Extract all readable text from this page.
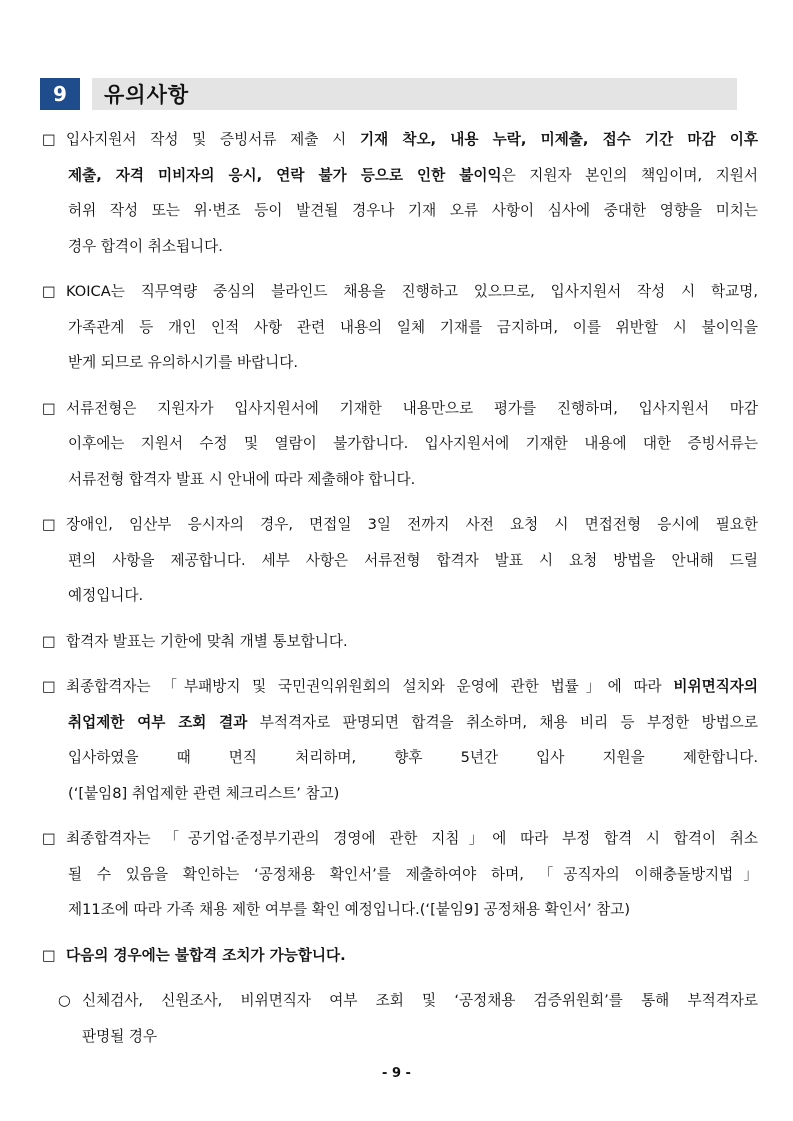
9	유의사항
□ 입사지원서 작성 및 증빙서류 제출 시 기재 착오, 내용 누락, 미제출, 접수 기간 마감 이후
제출, 자격 미비자의 응시, 연락 불가 등으로 인한 불이익은 지원자 본인의 책임이며, 지원서
허위 작성 또는 위·변조 등이 발견될 경우나 기재 오류 사항이 심사에 중대한 영향을 미치는
경우 합격이 취소됩니다.
□ KOICA는 직무역량 중심의 블라인드 채용을 진행하고 있으므로, 입사지원서 작성 시 학교명,
가족관계 등 개인 인적 사항 관련 내용의 일체 기재를 금지하며, 이를 위반할 시 불이익을
받게 되므로 유의하시기를 바랍니다.
□ 서류전형은 지원자가 입사지원서에 기재한 내용만으로 평가를 진행하며, 입사지원서 마감
이후에는 지원서 수정 및 열람이 불가합니다. 입사지원서에 기재한 내용에 대한 증빙서류는
서류전형 합격자 발표 시 안내에 따라 제출해야 합니다.
□ 장애인, 임산부 응시자의 경우, 면접일 3일 전까지 사전 요청 시 면접전형 응시에 필요한
편의 사항을 제공합니다. 세부 사항은 서류전형 합격자 발표 시 요청 방법을 안내해 드릴
예정입니다.
□ 합격자 발표는 기한에 맞춰 개별 통보합니다.
□ 최종합격자는 「부패방지 및 국민권익위원회의 설치와 운영에 관한 법률」에 따라 비위면직자의
취업제한 여부 조회 결과 부적격자로 판명되면 합격을 취소하며, 채용 비리 등 부정한 방법으로
입사하였을 때 면직 처리하며, 향후 5년간 입사 지원을 제한합니다.
(‘[붙임8] 취업제한 관련 체크리스트’ 참고)
□ 최종합격자는 「공기업·준정부기관의 경영에 관한 지침」에 따라 부정 합격 시 합격이 취소
될 수 있음을 확인하는 ‘공정채용 확인서’를 제출하여야 하며, 「공직자의 이해충돌방지법」
제11조에 따라 가족 채용 제한 여부를 확인 예정입니다.(‘[붙임9] 공정채용 확인서’ 참고)
□ 다음의 경우에는 불합격 조치가 가능합니다.
○ 신체검사, 신원조사, 비위면직자 여부 조회 및 ‘공정채용 검증위원회’를 통해 부적격자로
판명될 경우
- 9 -
